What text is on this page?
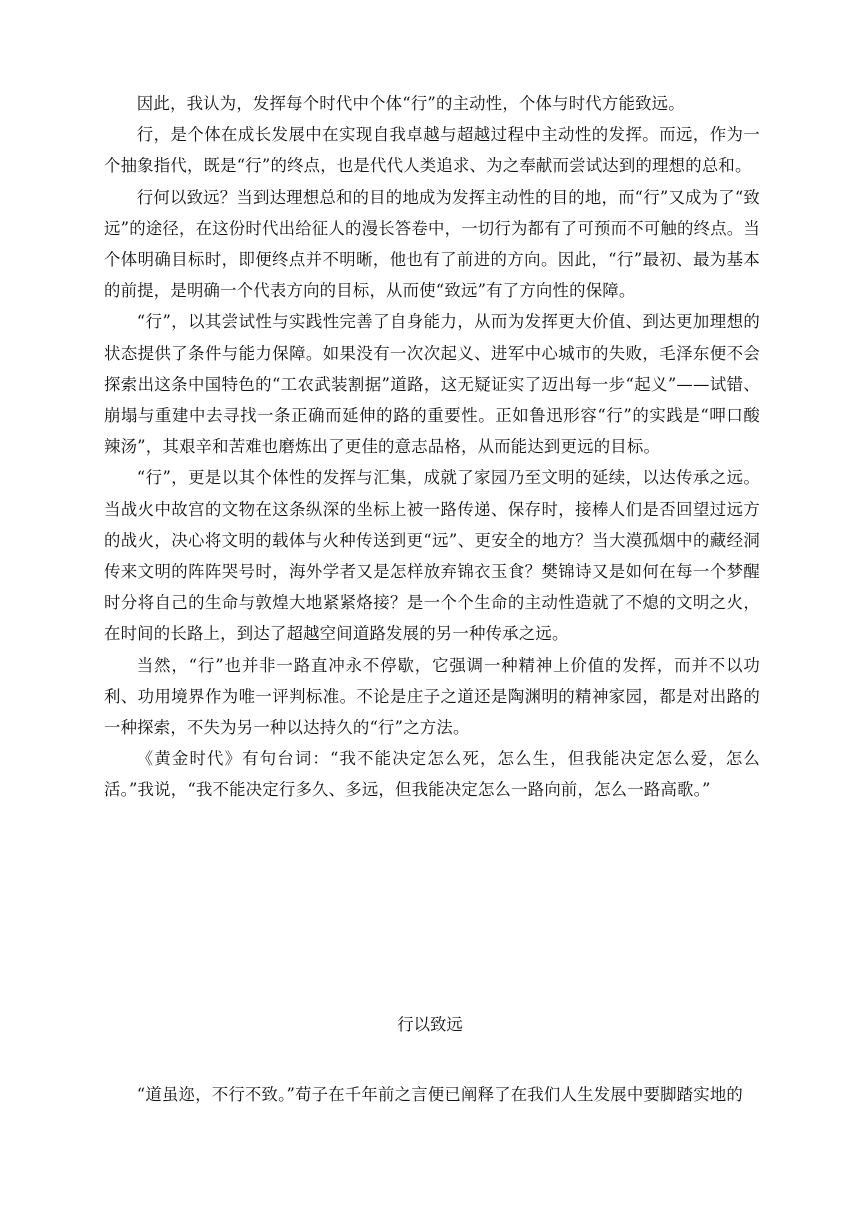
因此，我认为，发挥每个时代中个体“行”的主动性，个体与时代方能致远。

行，是个体在成长发展中在实现自我卓越与超越过程中主动性的发挥。而远，作为一个抽象指代，既是“行”的终点，也是代代人类追求、为之奉献而尝试达到的理想的总和。

行何以致远？当到达理想总和的目的地成为发挥主动性的目的地，而“行”又成为了“致远”的途径，在这份时代出给征人的漫长答卷中，一切行为都有了可预而不可触的终点。当个体明确目标时，即便终点并不明晰，他也有了前进的方向。因此，“行”最初、最为基本的前提，是明确一个代表方向的目标，从而使“致远”有了方向性的保障。

“行”，以其尝试性与实践性完善了自身能力，从而为发挥更大价值、到达更加理想的状态提供了条件与能力保障。如果没有一次次起义、进军中心城市的失败，毛泽东便不会探索出这条中国特色的“工农武装割据”道路，这无疑证实了迈出每一步“起义”——试错、崩塌与重建中去寻找一条正确而延伸的路的重要性。正如鲁迅形容“行”的实践是“呷口酸辣汤”，其艰辛和苦难也磨炼出了更佳的意志品格，从而能达到更远的目标。

“行”，更是以其个体性的发挥与汇集，成就了家园乃至文明的延续，以达传承之远。当战火中故宫的文物在这条纵深的坐标上被一路传递、保存时，接棒人们是否回望过远方的战火，决心将文明的载体与火种传送到更“远”、更安全的地方？当大漠孤烟中的藏经洞传来文明的阵阵哭号时，海外学者又是怎样放弃锦衣玉食？樊锦诗又是如何在每一个梦醒时分将自己的生命与敦煌大地紧紧烙接？是一个个生命的主动性造就了不熄的文明之火，在时间的长路上，到达了超越空间道路发展的另一种传承之远。

当然，“行”也并非一路直冲永不停歇，它强调一种精神上价值的发挥，而并不以功利、功用境界作为唯一评判标准。不论是庄子之道还是陶渊明的精神家园，都是对出路的一种探索，不失为另一种以达持久的“行”之方法。

《黄金时代》有句台词：“我不能决定怎么死，怎么生，但我能决定怎么爱，怎么活。”我说，“我不能决定行多久、多远，但我能决定怎么一路向前，怎么一路高歌。”

行以致远

“道虽迩，不行不致。”荀子在千年前之言便已阐释了在我们人生发展中要脚踏实地的
